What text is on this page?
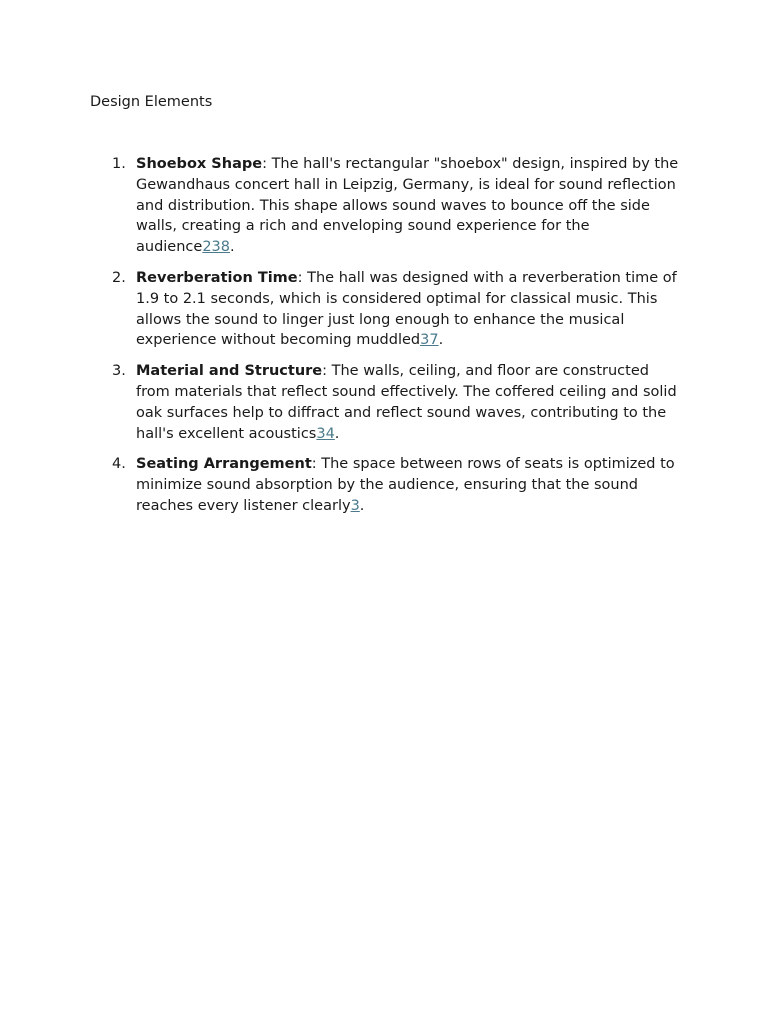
Design Elements
1. Shoebox Shape: The hall's rectangular "shoebox" design, inspired by the Gewandhaus concert hall in Leipzig, Germany, is ideal for sound reflection and distribution. This shape allows sound waves to bounce off the side walls, creating a rich and enveloping sound experience for the audience238.
2. Reverberation Time: The hall was designed with a reverberation time of 1.9 to 2.1 seconds, which is considered optimal for classical music. This allows the sound to linger just long enough to enhance the musical experience without becoming muddled37.
3. Material and Structure: The walls, ceiling, and floor are constructed from materials that reflect sound effectively. The coffered ceiling and solid oak surfaces help to diffract and reflect sound waves, contributing to the hall's excellent acoustics34.
4. Seating Arrangement: The space between rows of seats is optimized to minimize sound absorption by the audience, ensuring that the sound reaches every listener clearly3.
